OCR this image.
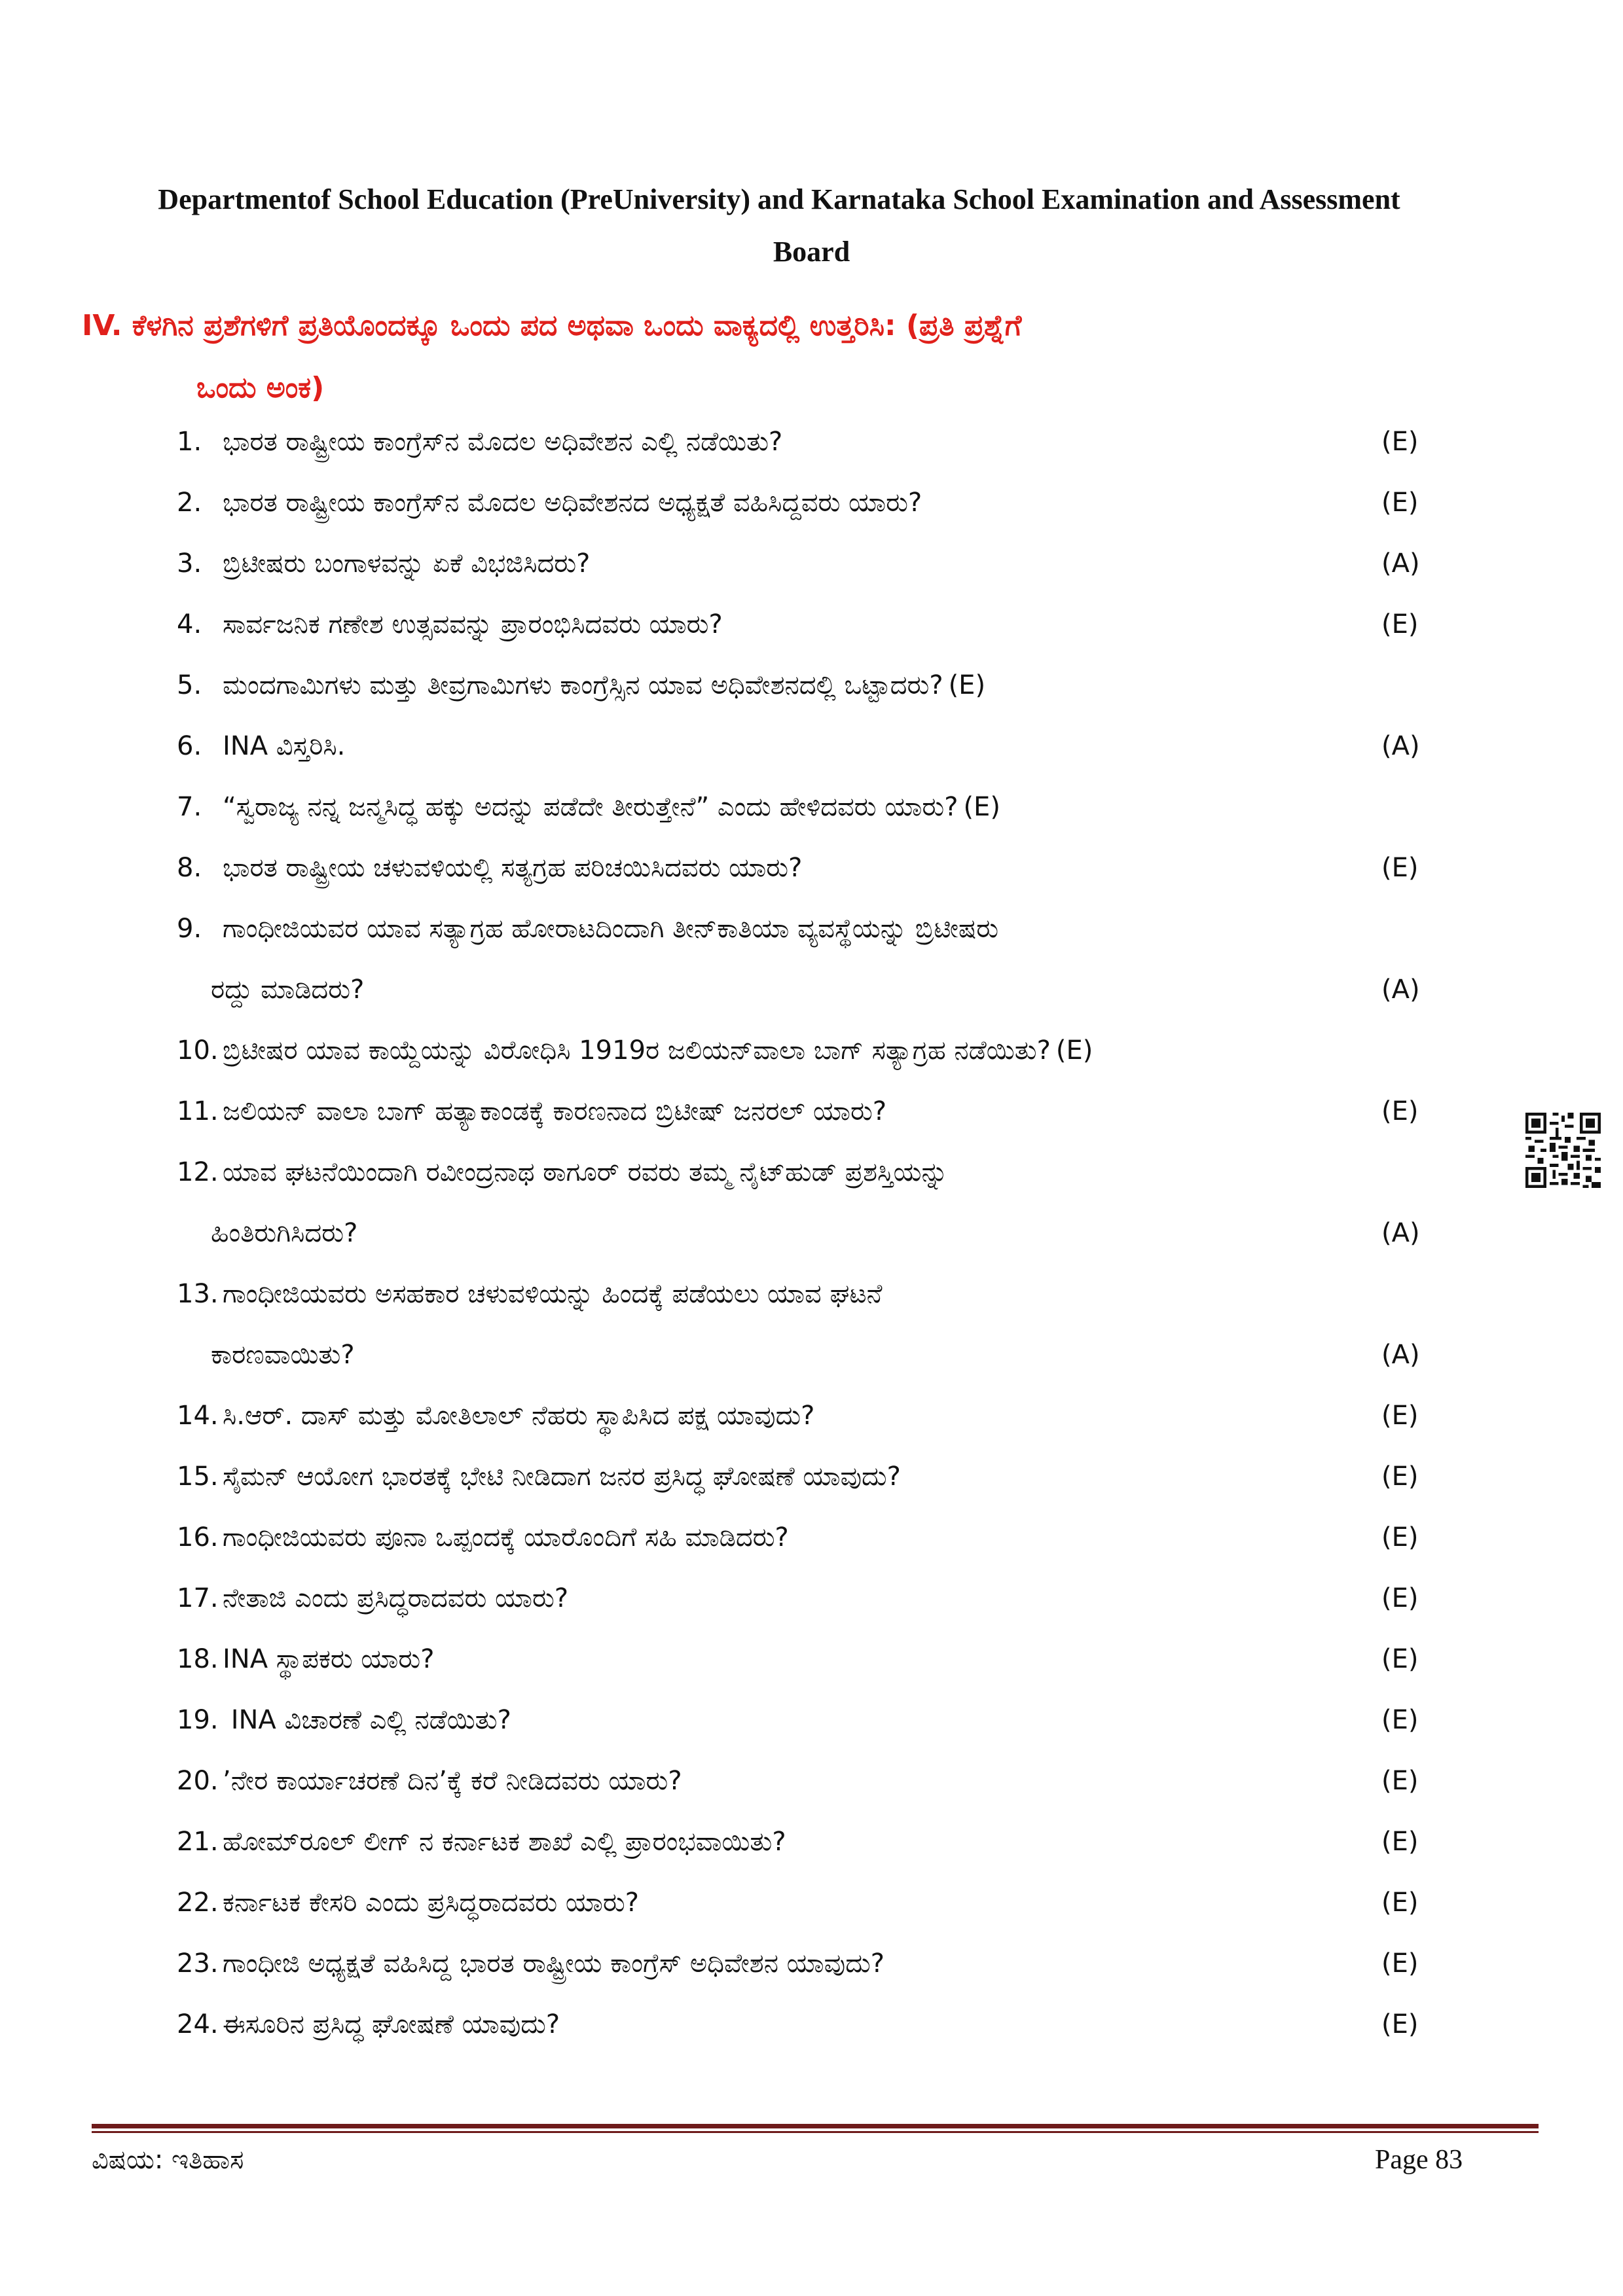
Departmentof School Education (PreUniversity) and Karnataka School Examination and Assessment
Board
IV. ಕೆಳಗಿನ ಪ್ರಶೆಗಳಿಗೆ ಪ್ರತಿಯೊಂದಕ್ಕೂ ಒಂದು ಪದ ಅಥವಾ ಒಂದು ವಾಕ್ಯದಲ್ಲಿ ಉತ್ತರಿಸಿ: (ಪ್ರತಿ ಪ್ರಶ್ನೆಗೆ
ಒಂದು ಅಂಕ)
1. ಭಾರತ ರಾಷ್ಟ್ರೀಯ ಕಾಂಗ್ರೆಸ್‌ನ ಮೊದಲ ಅಧಿವೇಶನ ಎಲ್ಲಿ ನಡೆಯಿತು?	(E)
2. ಭಾರತ ರಾಷ್ಟ್ರೀಯ ಕಾಂಗ್ರೆಸ್‌ನ ಮೊದಲ ಅಧಿವೇಶನದ ಅಧ್ಯಕ್ಷತೆ ವಹಿಸಿದ್ದವರು ಯಾರು?	(E)
3. ಬ್ರಿಟೀಷರು ಬಂಗಾಳವನ್ನು ಏಕೆ ವಿಭಜಿಸಿದರು?	(A)
4. ಸಾರ್ವಜನಿಕ ಗಣೇಶ ಉತ್ಸವವನ್ನು ಪ್ರಾರಂಭಿಸಿದವರು ಯಾರು?	(E)
5. ಮಂದಗಾಮಿಗಳು ಮತ್ತು ತೀವ್ರಗಾಮಿಗಳು ಕಾಂಗ್ರೆಸ್ಸಿನ ಯಾವ ಅಧಿವೇಶನದಲ್ಲಿ ಒಟ್ಟಾದರು? (E)
6. INA ವಿಸ್ತರಿಸಿ.	(A)
7. “ಸ್ವರಾಜ್ಯ ನನ್ನ ಜನ್ಮಸಿದ್ಧ ಹಕ್ಕು ಅದನ್ನು ಪಡೆದೇ ತೀರುತ್ತೇನೆ” ಎಂದು ಹೇಳಿದವರು ಯಾರು? (E)
8. ಭಾರತ ರಾಷ್ಟ್ರೀಯ ಚಳುವಳಿಯಲ್ಲಿ ಸತ್ಯಗ್ರಹ ಪರಿಚಯಿಸಿದವರು ಯಾರು?	(E)
9. ಗಾಂಧೀಜಿಯವರ ಯಾವ ಸತ್ಯಾಗ್ರಹ ಹೋರಾಟದಿಂದಾಗಿ ತೀನ್‌ಕಾತಿಯಾ ವ್ಯವಸ್ಥೆಯನ್ನು ಬ್ರಿಟೀಷರು
ರದ್ದು ಮಾಡಿದರು?	(A)
10. ಬ್ರಿಟೀಷರ ಯಾವ ಕಾಯ್ದೆಯನ್ನು ವಿರೋಧಿಸಿ 1919ರ ಜಲಿಯನ್‌ವಾಲಾ ಬಾಗ್ ಸತ್ಯಾಗ್ರಹ ನಡೆಯಿತು? (E)
11. ಜಲಿಯನ್ ವಾಲಾ ಬಾಗ್ ಹತ್ಯಾಕಾಂಡಕ್ಕೆ ಕಾರಣನಾದ ಬ್ರಿಟೀಷ್ ಜನರಲ್ ಯಾರು?	(E)
12. ಯಾವ ಘಟನೆಯಿಂದಾಗಿ ರವೀಂದ್ರನಾಥ ಠಾಗೂರ್ ರವರು ತಮ್ಮ ನೈಟ್‌ಹುಡ್ ಪ್ರಶಸ್ತಿಯನ್ನು
ಹಿಂತಿರುಗಿಸಿದರು?	(A)
13. ಗಾಂಧೀಜಿಯವರು ಅಸಹಕಾರ ಚಳುವಳಿಯನ್ನು ಹಿಂದಕ್ಕೆ ಪಡೆಯಲು ಯಾವ ಘಟನೆ
ಕಾರಣವಾಯಿತು?	(A)
14. ಸಿ.ಆರ್. ದಾಸ್ ಮತ್ತು ಮೋತಿಲಾಲ್ ನೆಹರು ಸ್ಥಾಪಿಸಿದ ಪಕ್ಷ ಯಾವುದು?	(E)
15. ಸೈಮನ್ ಆಯೋಗ ಭಾರತಕ್ಕೆ ಭೇಟಿ ನೀಡಿದಾಗ ಜನರ ಪ್ರಸಿದ್ಧ ಘೋಷಣೆ ಯಾವುದು?	(E)
16. ಗಾಂಧೀಜಿಯವರು ಪೂನಾ ಒಪ್ಪಂದಕ್ಕೆ ಯಾರೊಂದಿಗೆ ಸಹಿ ಮಾಡಿದರು?	(E)
17. ನೇತಾಜಿ ಎಂದು ಪ್ರಸಿದ್ಧರಾದವರು ಯಾರು?	(E)
18. INA ಸ್ಥಾಪಕರು ಯಾರು?	(E)
19. INA ವಿಚಾರಣೆ ಎಲ್ಲಿ ನಡೆಯಿತು?	(E)
20. ’ನೇರ ಕಾರ್ಯಾಚರಣೆ ದಿನ’ಕ್ಕೆ ಕರೆ ನೀಡಿದವರು ಯಾರು?	(E)
21. ಹೋಮ್‌ರೂಲ್ ಲೀಗ್ ನ ಕರ್ನಾಟಕ ಶಾಖೆ ಎಲ್ಲಿ ಪ್ರಾರಂಭವಾಯಿತು?	(E)
22. ಕರ್ನಾಟಕ ಕೇಸರಿ ಎಂದು ಪ್ರಸಿದ್ಧರಾದವರು ಯಾರು?	(E)
23. ಗಾಂಧೀಜಿ ಅಧ್ಯಕ್ಷತೆ ವಹಿಸಿದ್ದ ಭಾರತ ರಾಷ್ಟ್ರೀಯ ಕಾಂಗ್ರೆಸ್ ಅಧಿವೇಶನ ಯಾವುದು?	(E)
24. ಈಸೂರಿನ ಪ್ರಸಿದ್ಧ ಘೋಷಣೆ ಯಾವುದು?	(E)
ವಿಷಯ: ಇತಿಹಾಸ	Page 83
